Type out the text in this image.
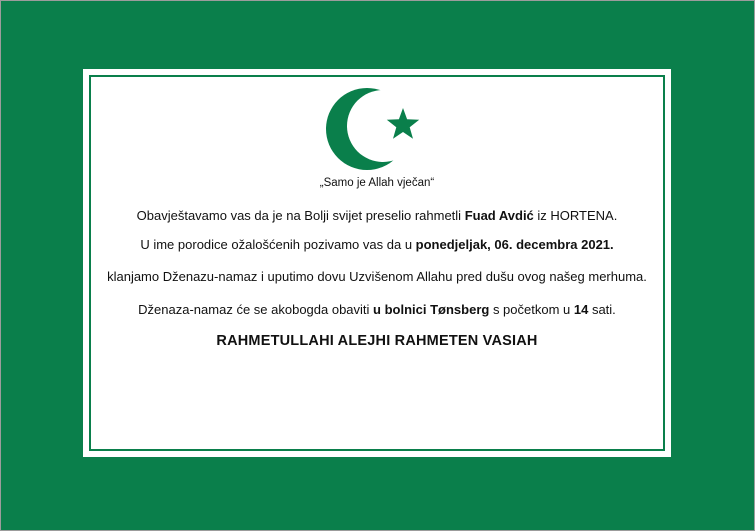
„Samo je Allah vječan“
Obavještavamo vas da je na Bolji svijet preselio rahmetli Fuad Avdić iz HORTENA.
U ime porodice ožalošćenih pozivamo vas da u ponedjeljak, 06. decembra 2021.
klanjamo Dženazu-namaz i uputimo dovu Uzvišenom Allahu pred dušu ovog našeg merhuma.
Dženaza-namaz će se akobogda obaviti u bolnici Tønsberg s početkom u 14 sati.
RAHMETULLAHI ALEJHI RAHMETEN VASIAH
